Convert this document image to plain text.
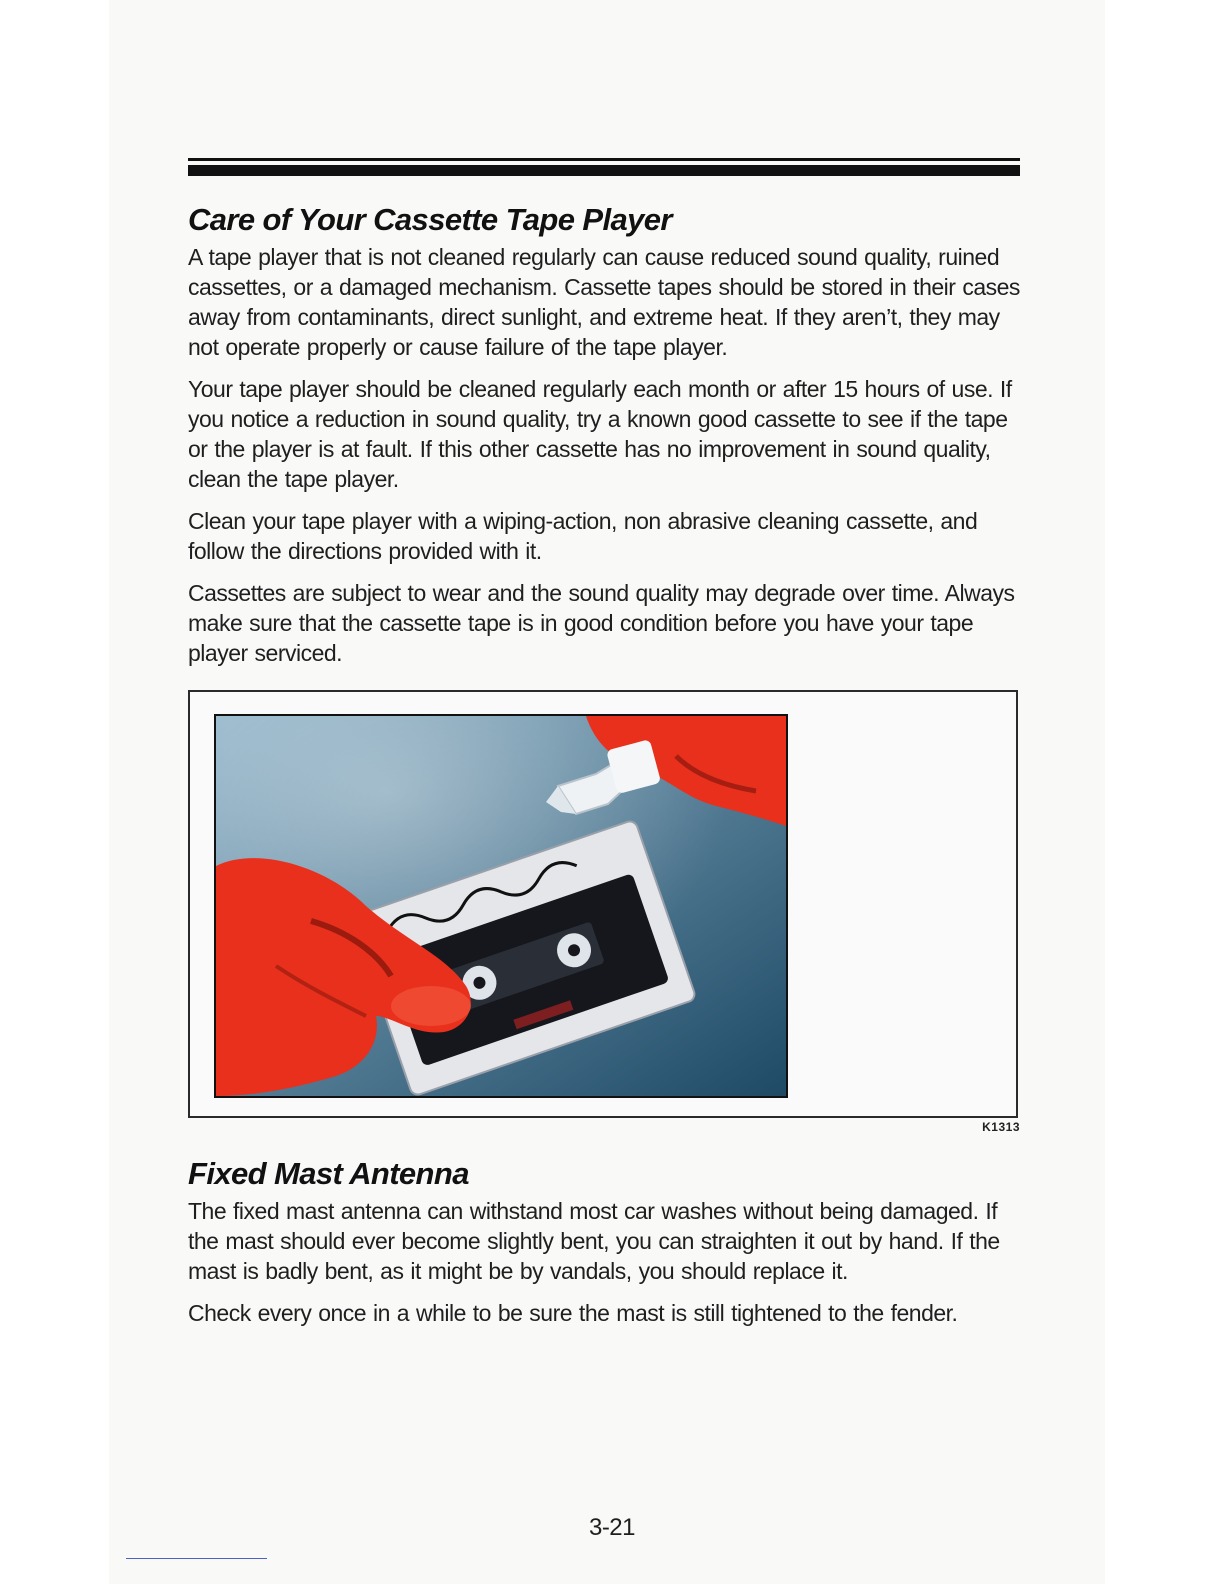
Care of Your Cassette Tape Player

A tape player that is not cleaned regularly can cause reduced sound quality, ruined cassettes, or a damaged mechanism. Cassette tapes should be stored in their cases away from contaminants, direct sunlight, and extreme heat. If they aren’t, they may not operate properly or cause failure of the tape player.

Your tape player should be cleaned regularly each month or after 15 hours of use. If you notice a reduction in sound quality, try a known good cassette to see if the tape or the player is at fault. If this other cassette has no improvement in sound quality, clean the tape player.

Clean your tape player with a wiping-action, non abrasive cleaning cassette, and follow the directions provided with it.

Cassettes are subject to wear and the sound quality may degrade over time. Always make sure that the cassette tape is in good condition before you have your tape player serviced.

K1313
Fixed Mast Antenna

The fixed mast antenna can withstand most car washes without being damaged. If the mast should ever become slightly bent, you can straighten it out by hand. If the mast is badly bent, as it might be by vandals, you should replace it.

Check every once in a while to be sure the mast is still tightened to the fender.

3-21
